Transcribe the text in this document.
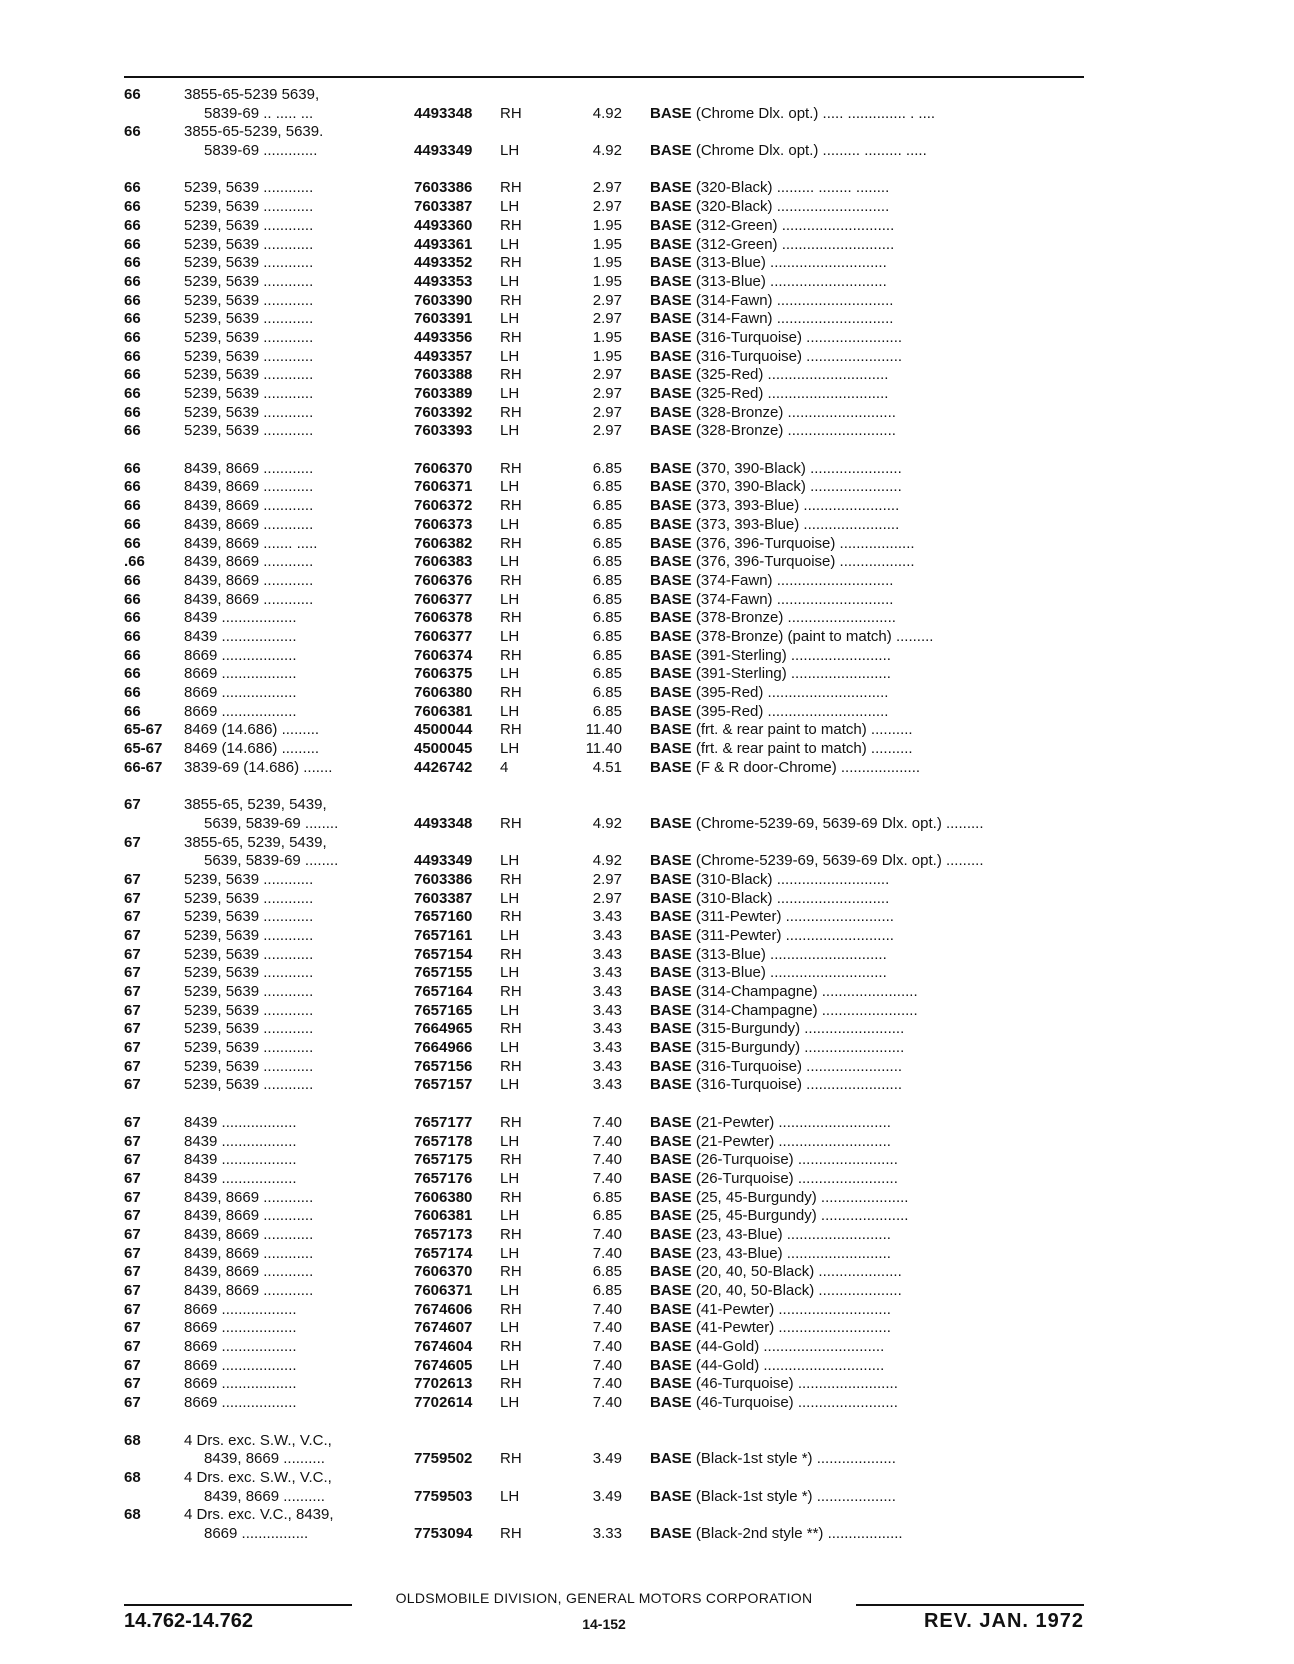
66	3855-65-5239 5639,
5839-69 .. ..... ...	4493348	RH	4.92 BASE (Chrome Dlx. opt.) ..... .............. . ....
66	3855-65-5239, 5639.
5839-69 .............	4493349	LH	4.92 BASE (Chrome Dlx. opt.) ......... ......... .....
66	5239, 5639 ............	7603386	RH	2.97 BASE (320-Black) ......... ........ ........
66	5239, 5639 ............	7603387	LH	2.97 BASE (320-Black) ...........................
66	5239, 5639 ............	4493360	RH	1.95 BASE (312-Green) ...........................
66	5239, 5639 ............	4493361	LH	1.95 BASE (312-Green) ...........................
66	5239, 5639 ............	4493352	RH	1.95 BASE (313-Blue) ............................
66	5239, 5639 ............	4493353	LH	1.95 BASE (313-Blue) ............................
66	5239, 5639 ............	7603390	RH	2.97 BASE (314-Fawn) ............................
66	5239, 5639 ............	7603391	LH	2.97 BASE (314-Fawn) ............................
66	5239, 5639 ............	4493356	RH	1.95 BASE (316-Turquoise) .......................
66	5239, 5639 ............	4493357	LH	1.95 BASE (316-Turquoise) .......................
66	5239, 5639 ............	7603388	RH	2.97 BASE (325-Red) .............................
66	5239, 5639 ............	7603389	LH	2.97 BASE (325-Red) .............................
66	5239, 5639 ............	7603392	RH	2.97 BASE (328-Bronze) ..........................
66	5239, 5639 ............	7603393	LH	2.97 BASE (328-Bronze) ..........................
66	8439, 8669 ............	7606370	RH	6.85 BASE (370, 390-Black) ......................
66	8439, 8669 ............	7606371	LH	6.85 BASE (370, 390-Black) ......................
66	8439, 8669 ............	7606372	RH	6.85 BASE (373, 393-Blue) .......................
66	8439, 8669 ............	7606373	LH	6.85 BASE (373, 393-Blue) .......................
66	8439, 8669 ....... .....	7606382	RH	6.85 BASE (376, 396-Turquoise) ..................
.66	8439, 8669 ............	7606383	LH	6.85 BASE (376, 396-Turquoise) ..................
66	8439, 8669 ............	7606376	RH	6.85 BASE (374-Fawn) ............................
66	8439, 8669 ............	7606377	LH	6.85 BASE (374-Fawn) ............................
66	8439 ..................	7606378	RH	6.85 BASE (378-Bronze) ..........................
66	8439 ..................	7606377	LH	6.85 BASE (378-Bronze) (paint to match) .........
66	8669 ..................	7606374	RH	6.85 BASE (391-Sterling) ........................
66	8669 ..................	7606375	LH	6.85 BASE (391-Sterling) ........................
66	8669 ..................	7606380	RH	6.85 BASE (395-Red) .............................
66	8669 ..................	7606381	LH	6.85 BASE (395-Red) .............................
65-67	8469 (14.686) .........	4500044	RH	11.40 BASE (frt. & rear paint to match) ..........
65-67	8469 (14.686) .........	4500045	LH	11.40 BASE (frt. & rear paint to match) ..........
66-67	3839-69 (14.686) .......	4426742	4	4.51 BASE (F & R door-Chrome) ...................
67	3855-65, 5239, 5439,
5639, 5839-69 ........	4493348	RH	4.92 BASE (Chrome-5239-69, 5639-69 Dlx. opt.) .........
67	3855-65, 5239, 5439,
5639, 5839-69 ........	4493349	LH	4.92 BASE (Chrome-5239-69, 5639-69 Dlx. opt.) .........
67	5239, 5639 ............	7603386	RH	2.97 BASE (310-Black) ...........................
67	5239, 5639 ............	7603387	LH	2.97 BASE (310-Black) ...........................
67	5239, 5639 ............	7657160	RH	3.43 BASE (311-Pewter) ..........................
67	5239, 5639 ............	7657161	LH	3.43 BASE (311-Pewter) ..........................
67	5239, 5639 ............	7657154	RH	3.43 BASE (313-Blue) ............................
67	5239, 5639 ............	7657155	LH	3.43 BASE (313-Blue) ............................
67	5239, 5639 ............	7657164	RH	3.43 BASE (314-Champagne) .......................
67	5239, 5639 ............	7657165	LH	3.43 BASE (314-Champagne) .......................
67	5239, 5639 ............	7664965	RH	3.43 BASE (315-Burgundy) ........................
67	5239, 5639 ............	7664966	LH	3.43 BASE (315-Burgundy) ........................
67	5239, 5639 ............	7657156	RH	3.43 BASE (316-Turquoise) .......................
67	5239, 5639 ............	7657157	LH	3.43 BASE (316-Turquoise) .......................
67	8439 ..................	7657177	RH	7.40 BASE (21-Pewter) ...........................
67	8439 ..................	7657178	LH	7.40 BASE (21-Pewter) ...........................
67	8439 ..................	7657175	RH	7.40 BASE (26-Turquoise) ........................
67	8439 ..................	7657176	LH	7.40 BASE (26-Turquoise) ........................
67	8439, 8669 ............	7606380	RH	6.85 BASE (25, 45-Burgundy) .....................
67	8439, 8669 ............	7606381	LH	6.85 BASE (25, 45-Burgundy) .....................
67	8439, 8669 ............	7657173	RH	7.40 BASE (23, 43-Blue) .........................
67	8439, 8669 ............	7657174	LH	7.40 BASE (23, 43-Blue) .........................
67	8439, 8669 ............	7606370	RH	6.85 BASE (20, 40, 50-Black) ....................
67	8439, 8669 ............	7606371	LH	6.85 BASE (20, 40, 50-Black) ....................
67	8669 ..................	7674606	RH	7.40 BASE (41-Pewter) ...........................
67	8669 ..................	7674607	LH	7.40 BASE (41-Pewter) ...........................
67	8669 ..................	7674604	RH	7.40 BASE (44-Gold) .............................
67	8669 ..................	7674605	LH	7.40 BASE (44-Gold) .............................
67	8669 ..................	7702613	RH	7.40 BASE (46-Turquoise) ........................
67	8669 ..................	7702614	LH	7.40 BASE (46-Turquoise) ........................
68	4 Drs. exc. S.W., V.C.,
8439, 8669 ..........	7759502	RH	3.49 BASE (Black-1st style *) ...................
68	4 Drs. exc. S.W., V.C.,
8439, 8669 ..........	7759503	LH	3.49 BASE (Black-1st style *) ...................
68	4 Drs. exc. V.C., 8439,
8669 ................	7753094	RH	3.33 BASE (Black-2nd style **) ..................
OLDSMOBILE DIVISION, GENERAL MOTORS CORPORATION
14.762-14.762	14-152	REV. JAN. 1972
